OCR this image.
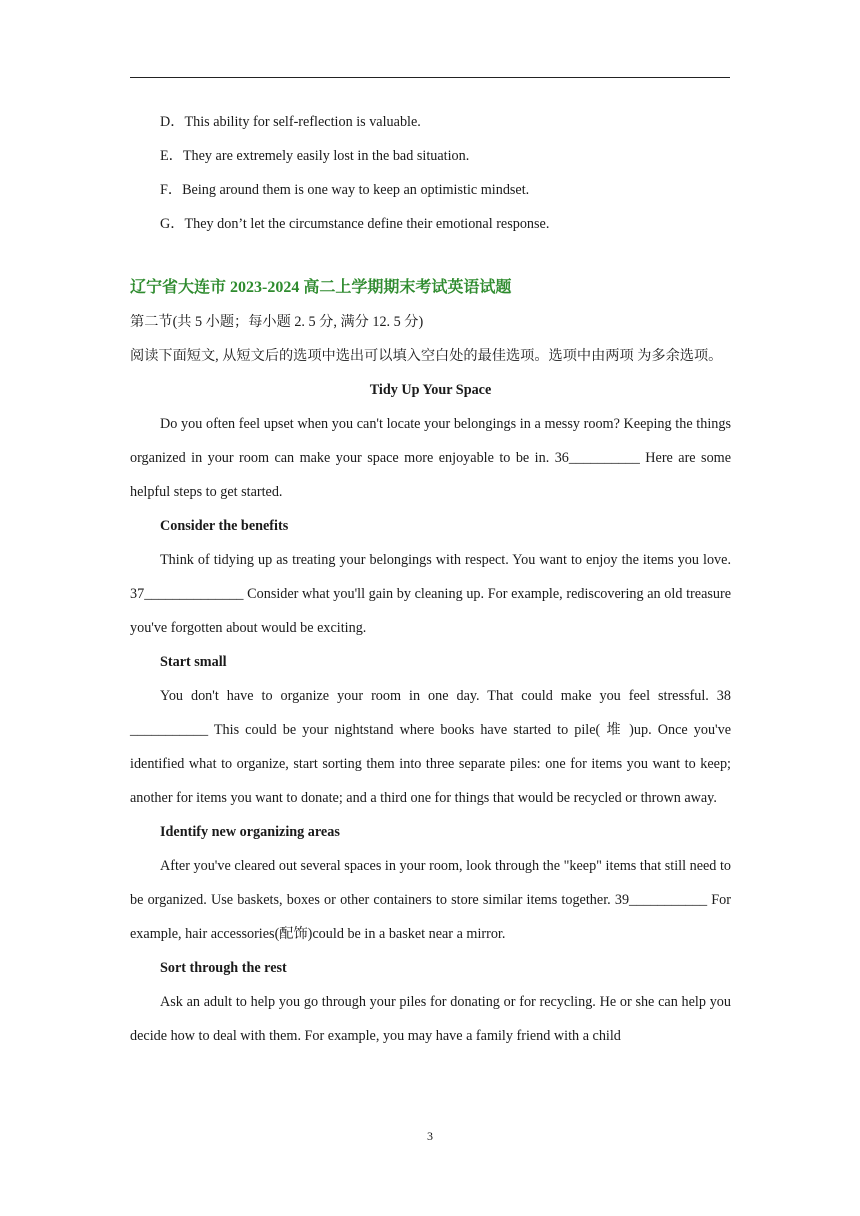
D．This ability for self-reflection is valuable.
E．They are extremely easily lost in the bad situation.
F．Being around them is one way to keep an optimistic mindset.
G．They don’t let the circumstance define their emotional response.
辽宁省大连市 2023-2024 高二上学期期末考试英语试题
第二节(共 5 小题；每小题 2. 5 分, 满分 12. 5 分)
阅读下面短文, 从短文后的选项中选出可以填入空白处的最佳选项。选项中由两项 为多余选项。
Tidy Up Your Space
Do you often feel upset when you can't locate your belongings in a messy room? Keeping the things organized in your room can make your space more enjoyable to be in. 36__________ Here are some helpful steps to get started.
Consider the benefits
Think of tidying up as treating your belongings with respect. You want to enjoy the items you love. 37______________ Consider what you'll gain by cleaning up. For example, rediscovering an old treasure you've forgotten about would be exciting.
Start small
You don't have to organize your room in one day. That could make you feel stressful. 38 ___________ This could be your nightstand where books have started to pile( 堆 )up. Once you've identified what to organize, start sorting them into three separate piles: one for items you want to keep; another for items you want to donate; and a third one for things that would be recycled or thrown away.
Identify new organizing areas
After you've cleared out several spaces in your room, look through the "keep" items that still need to be organized. Use baskets, boxes or other containers to store similar items together. 39___________ For example, hair accessories(配饰)could be in a basket near a mirror.
Sort through the rest
Ask an adult to help you go through your piles for donating or for recycling. He or she can help you decide how to deal with them. For example, you may have a family friend with a child
3
